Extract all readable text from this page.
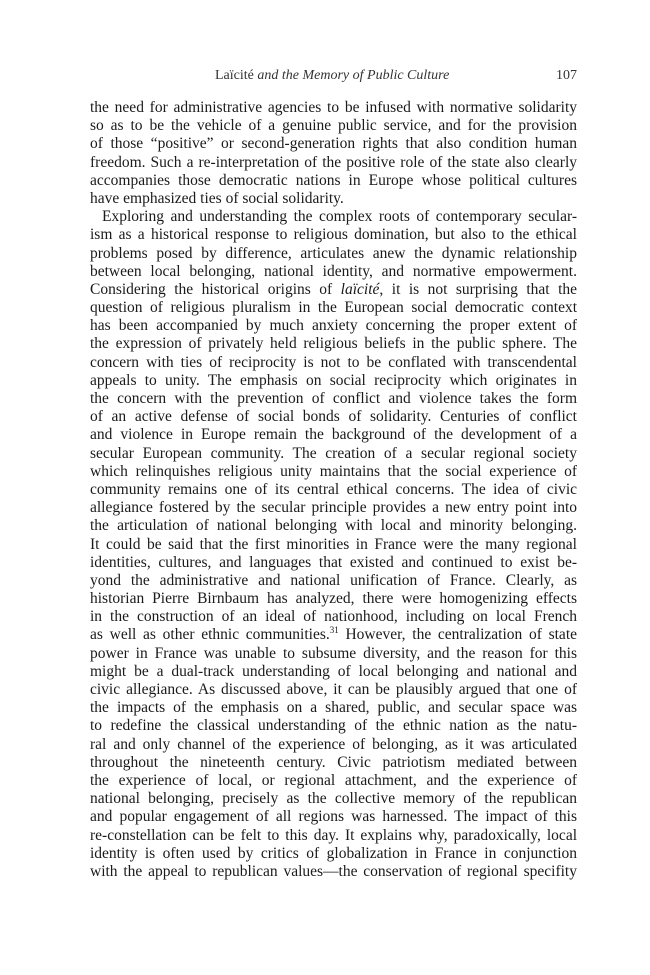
Laïcité and the Memory of Public Culture	107
the need for administrative agencies to be infused with normative solidarity
so as to be the vehicle of a genuine public service, and for the provision
of those “positive” or second-generation rights that also condition human
freedom. Such a re-interpretation of the positive role of the state also clearly
accompanies those democratic nations in Europe whose political cultures
have emphasized ties of social solidarity.
Exploring and understanding the complex roots of contemporary secular-
ism as a historical response to religious domination, but also to the ethical
problems posed by difference, articulates anew the dynamic relationship
between local belonging, national identity, and normative empowerment.
Considering the historical origins of laïcité, it is not surprising that the
question of religious pluralism in the European social democratic context
has been accompanied by much anxiety concerning the proper extent of
the expression of privately held religious beliefs in the public sphere. The
concern with ties of reciprocity is not to be conflated with transcendental
appeals to unity. The emphasis on social reciprocity which originates in
the concern with the prevention of conflict and violence takes the form
of an active defense of social bonds of solidarity. Centuries of conflict
and violence in Europe remain the background of the development of a
secular European community. The creation of a secular regional society
which relinquishes religious unity maintains that the social experience of
community remains one of its central ethical concerns. The idea of civic
allegiance fostered by the secular principle provides a new entry point into
the articulation of national belonging with local and minority belonging.
It could be said that the first minorities in France were the many regional
identities, cultures, and languages that existed and continued to exist be-
yond the administrative and national unification of France. Clearly, as
historian Pierre Birnbaum has analyzed, there were homogenizing effects
in the construction of an ideal of nationhood, including on local French
as well as other ethnic communities.$^{31}$ However, the centralization of state
power in France was unable to subsume diversity, and the reason for this
might be a dual-track understanding of local belonging and national and
civic allegiance. As discussed above, it can be plausibly argued that one of
the impacts of the emphasis on a shared, public, and secular space was
to redefine the classical understanding of the ethnic nation as the natu-
ral and only channel of the experience of belonging, as it was articulated
throughout the nineteenth century. Civic patriotism mediated between
the experience of local, or regional attachment, and the experience of
national belonging, precisely as the collective memory of the republican
and popular engagement of all regions was harnessed. The impact of this
re-constellation can be felt to this day. It explains why, paradoxically, local
identity is often used by critics of globalization in France in conjunction
with the appeal to republican values—the conservation of regional specifity
